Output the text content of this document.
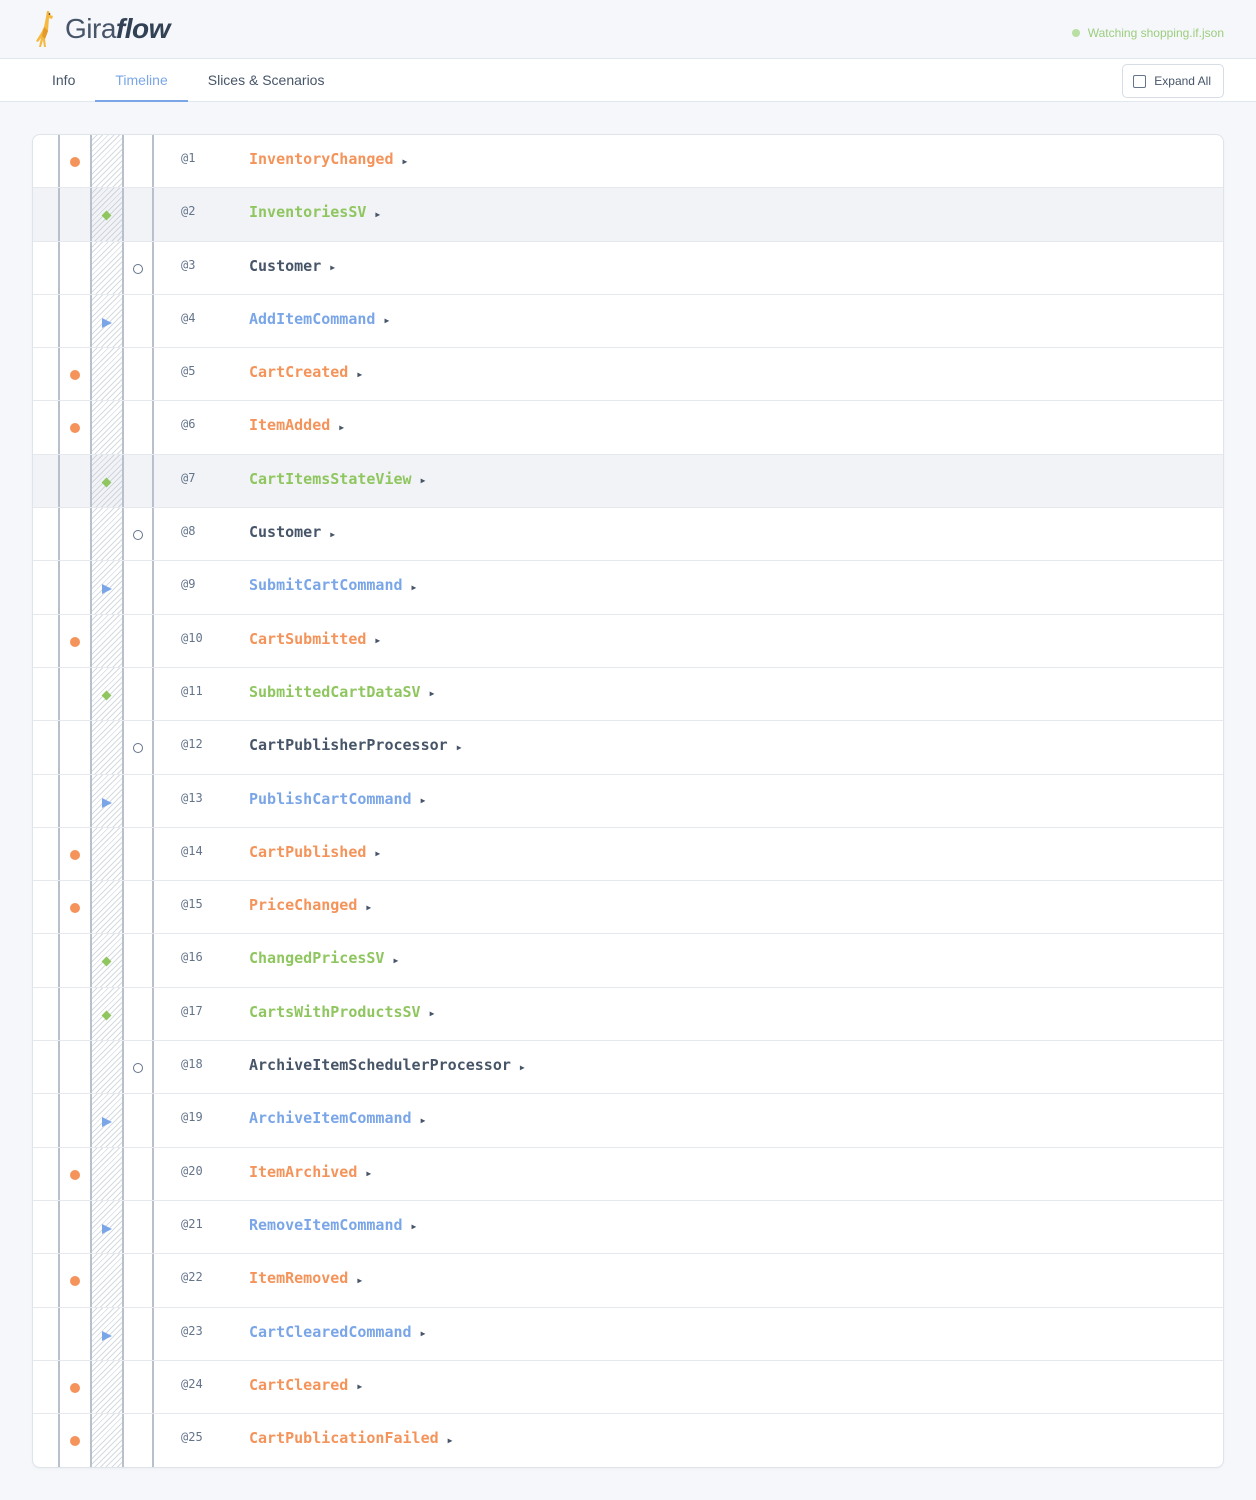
Giraflow	Watching shopping.if.json
Info	Timeline	Slices & Scenarios	Expand All
@1	InventoryChanged ▶
@2	InventoriesSV ▶
@3	Customer ▶
@4	AddItemCommand ▶
@5	CartCreated ▶
@6	ItemAdded ▶
@7	CartItemsStateView ▶
@8	Customer ▶
@9	SubmitCartCommand ▶
@10	CartSubmitted ▶
@11	SubmittedCartDataSV ▶
@12	CartPublisherProcessor ▶
@13	PublishCartCommand ▶
@14	CartPublished ▶
@15	PriceChanged ▶
@16	ChangedPricesSV ▶
@17	CartsWithProductsSV ▶
@18	ArchiveItemSchedulerProcessor ▶
@19	ArchiveItemCommand ▶
@20	ItemArchived ▶
@21	RemoveItemCommand ▶
@22	ItemRemoved ▶
@23	CartClearedCommand ▶
@24	CartCleared ▶
@25	CartPublicationFailed ▶
